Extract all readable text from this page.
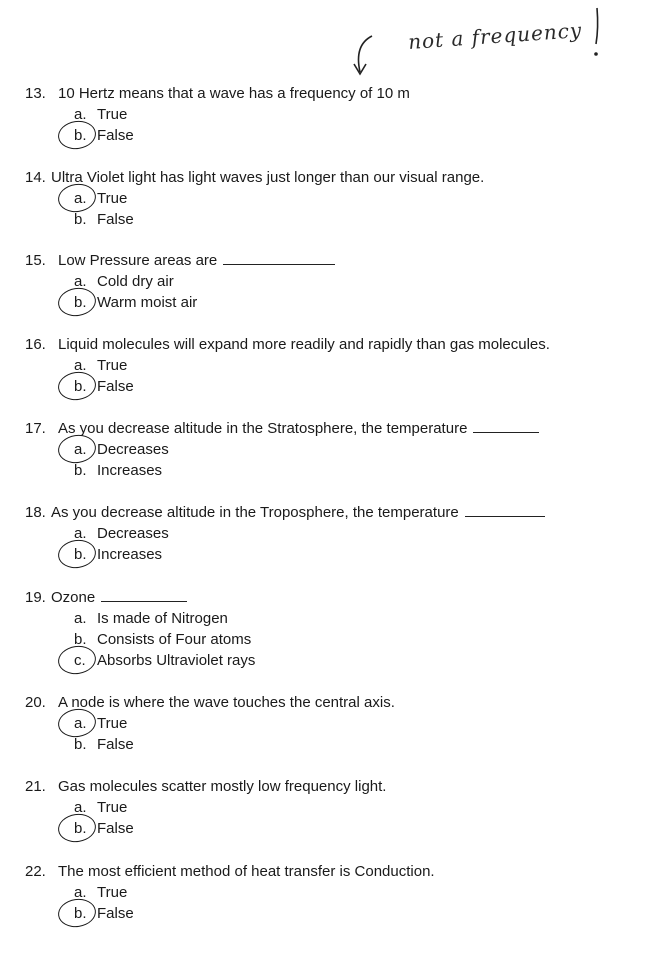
not a frequency
13. 10 Hertz means that a wave has a frequency of 10 m
a. True
b. False
14. Ultra Violet light has light waves just longer than our visual range.
a. True
b. False
15. Low Pressure areas are
a. Cold dry air
b. Warm moist air
16. Liquid molecules will expand more readily and rapidly than gas molecules.
a. True
b. False
17. As you decrease altitude in the Stratosphere, the temperature
a. Decreases
b. Increases
18. As you decrease altitude in the Troposphere, the temperature
a. Decreases
b. Increases
19. Ozone
a. Is made of Nitrogen
b. Consists of Four atoms
c. Absorbs Ultraviolet rays
20. A node is where the wave touches the central axis.
a. True
b. False
21. Gas molecules scatter mostly low frequency light.
a. True
b. False
22. The most efficient method of heat transfer is Conduction.
a. True
b. False
